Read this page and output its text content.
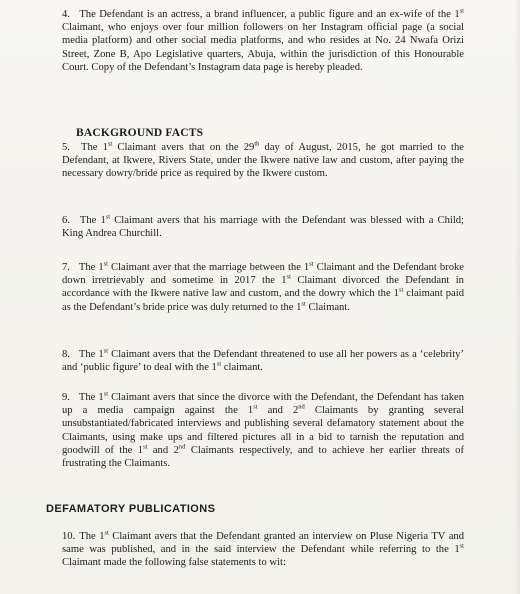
4. The Defendant is an actress, a brand influencer, a public figure and an ex-wife of the 1st Claimant, who enjoys over four million followers on her Instagram official page (a social media platform) and other social media platforms, and who resides at No. 24 Nwafa Orizi Street, Zone B, Apo Legislative quarters, Abuja, within the jurisdiction of this Honourable Court. Copy of the Defendant’s Instagram data page is hereby pleaded.
BACKGROUND FACTS
5. The 1st Claimant avers that on the 29th day of August, 2015, he got married to the Defendant, at Ikwere, Rivers State, under the Ikwere native law and custom, after paying the necessary dowry/bride price as required by the Ikwere custom.
6. The 1st Claimant avers that his marriage with the Defendant was blessed with a Child; King Andrea Churchill.
7. The 1st Claimant aver that the marriage between the 1st Claimant and the Defendant broke down irretrievably and sometime in 2017 the 1st Claimant divorced the Defendant in accordance with the Ikwere native law and custom, and the dowry which the 1st claimant paid as the Defendant’s bride price was duly returned to the 1st Claimant.
8. The 1st Claimant avers that the Defendant threatened to use all her powers as a ‘celebrity’ and ‘public figure’ to deal with the 1st claimant.
9. The 1st Claimant avers that since the divorce with the Defendant, the Defendant has taken up a media campaign against the 1st and 2nd Claimants by granting several unsubstantiated/fabricated interviews and publishing several defamatory statement about the Claimants, using make ups and filtered pictures all in a bid to tarnish the reputation and goodwill of the 1st and 2nd Claimants respectively, and to achieve her earlier threats of frustrating the Claimants.
DEFAMATORY PUBLICATIONS
10. The 1st Claimant avers that the Defendant granted an interview on Pluse Nigeria TV and same was published, and in the said interview the Defendant while referring to the 1st Claimant made the following false statements to wit:
